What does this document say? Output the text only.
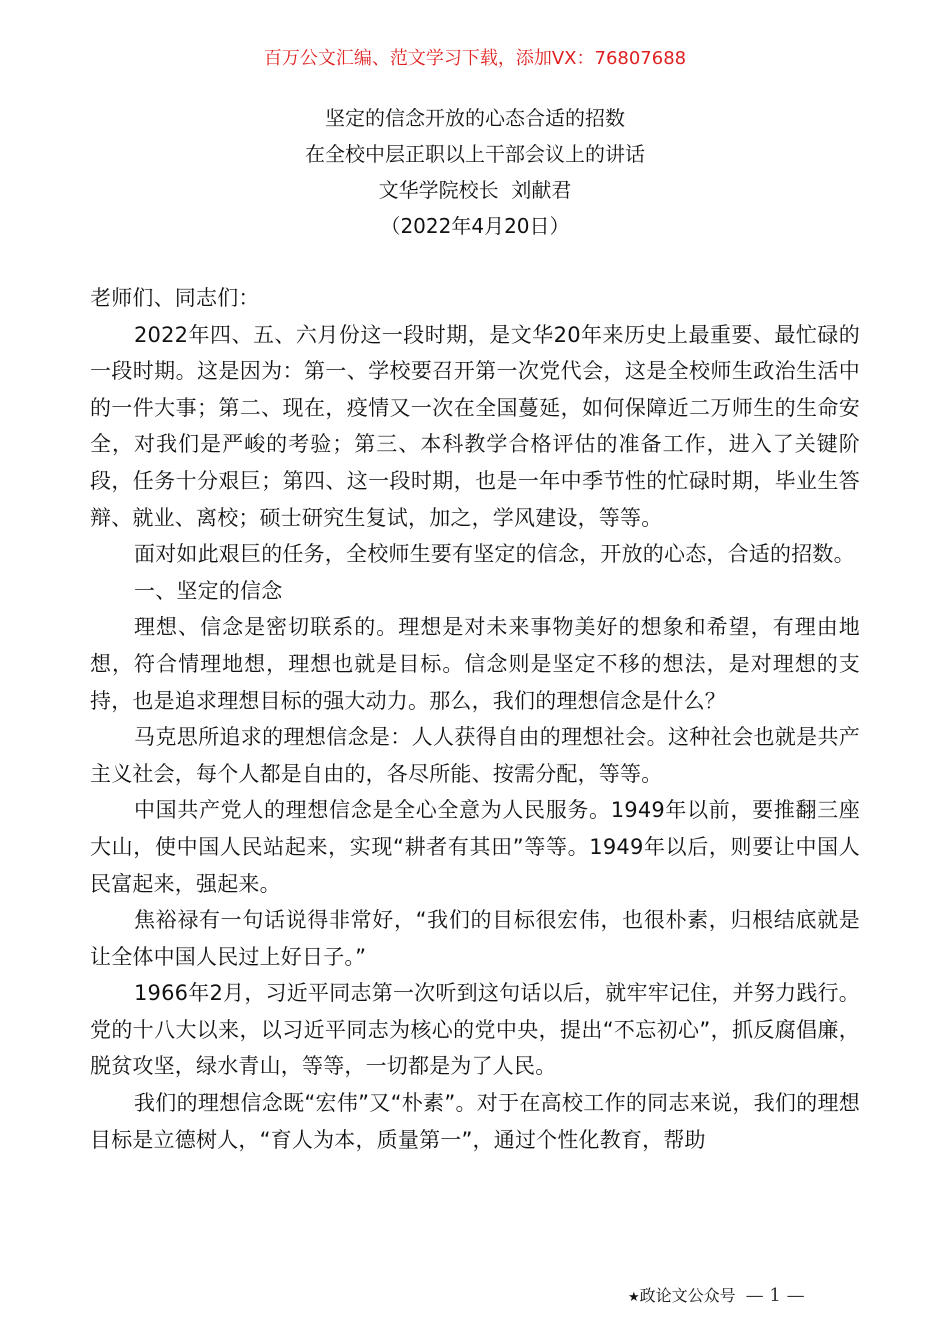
百万公文汇编、范文学习下载，添加VX：76807688
坚定的信念开放的心态合适的招数
在全校中层正职以上干部会议上的讲话
文华学院校长  刘献君
（2022年4月20日）

老师们、同志们：

2022年四、五、六月份这一段时期，是文华20年来历史上最重要、最忙碌的一段时期。这是因为：第一、学校要召开第一次党代会，这是全校师生政治生活中的一件大事；第二、现在，疫情又一次在全国蔓延，如何保障近二万师生的生命安全，对我们是严峻的考验；第三、本科教学合格评估的准备工作，进入了关键阶段，任务十分艰巨；第四、这一段时期，也是一年中季节性的忙碌时期，毕业生答辩、就业、离校；硕士研究生复试，加之，学风建设，等等。

面对如此艰巨的任务，全校师生要有坚定的信念，开放的心态，合适的招数。

一、坚定的信念

理想、信念是密切联系的。理想是对未来事物美好的想象和希望，有理由地想，符合情理地想，理想也就是目标。信念则是坚定不移的想法，是对理想的支持，也是追求理想目标的强大动力。那么，我们的理想信念是什么？

马克思所追求的理想信念是：人人获得自由的理想社会。这种社会也就是共产主义社会，每个人都是自由的，各尽所能、按需分配，等等。

中国共产党人的理想信念是全心全意为人民服务。1949年以前，要推翻三座大山，使中国人民站起来，实现“耕者有其田”等等。1949年以后，则要让中国人民富起来，强起来。

焦裕禄有一句话说得非常好，“我们的目标很宏伟，也很朴素，归根结底就是让全体中国人民过上好日子。”

1966年2月，习近平同志第一次听到这句话以后，就牢牢记住，并努力践行。党的十八大以来，以习近平同志为核心的党中央，提出“不忘初心”，抓反腐倡廉，脱贫攻坚，绿水青山，等等，一切都是为了人民。

我们的理想信念既“宏伟”又“朴素”。对于在高校工作的同志来说，我们的理想目标是立德树人，“育人为本，质量第一”，通过个性化教育，帮助

★政论文公众号 — 1 —
